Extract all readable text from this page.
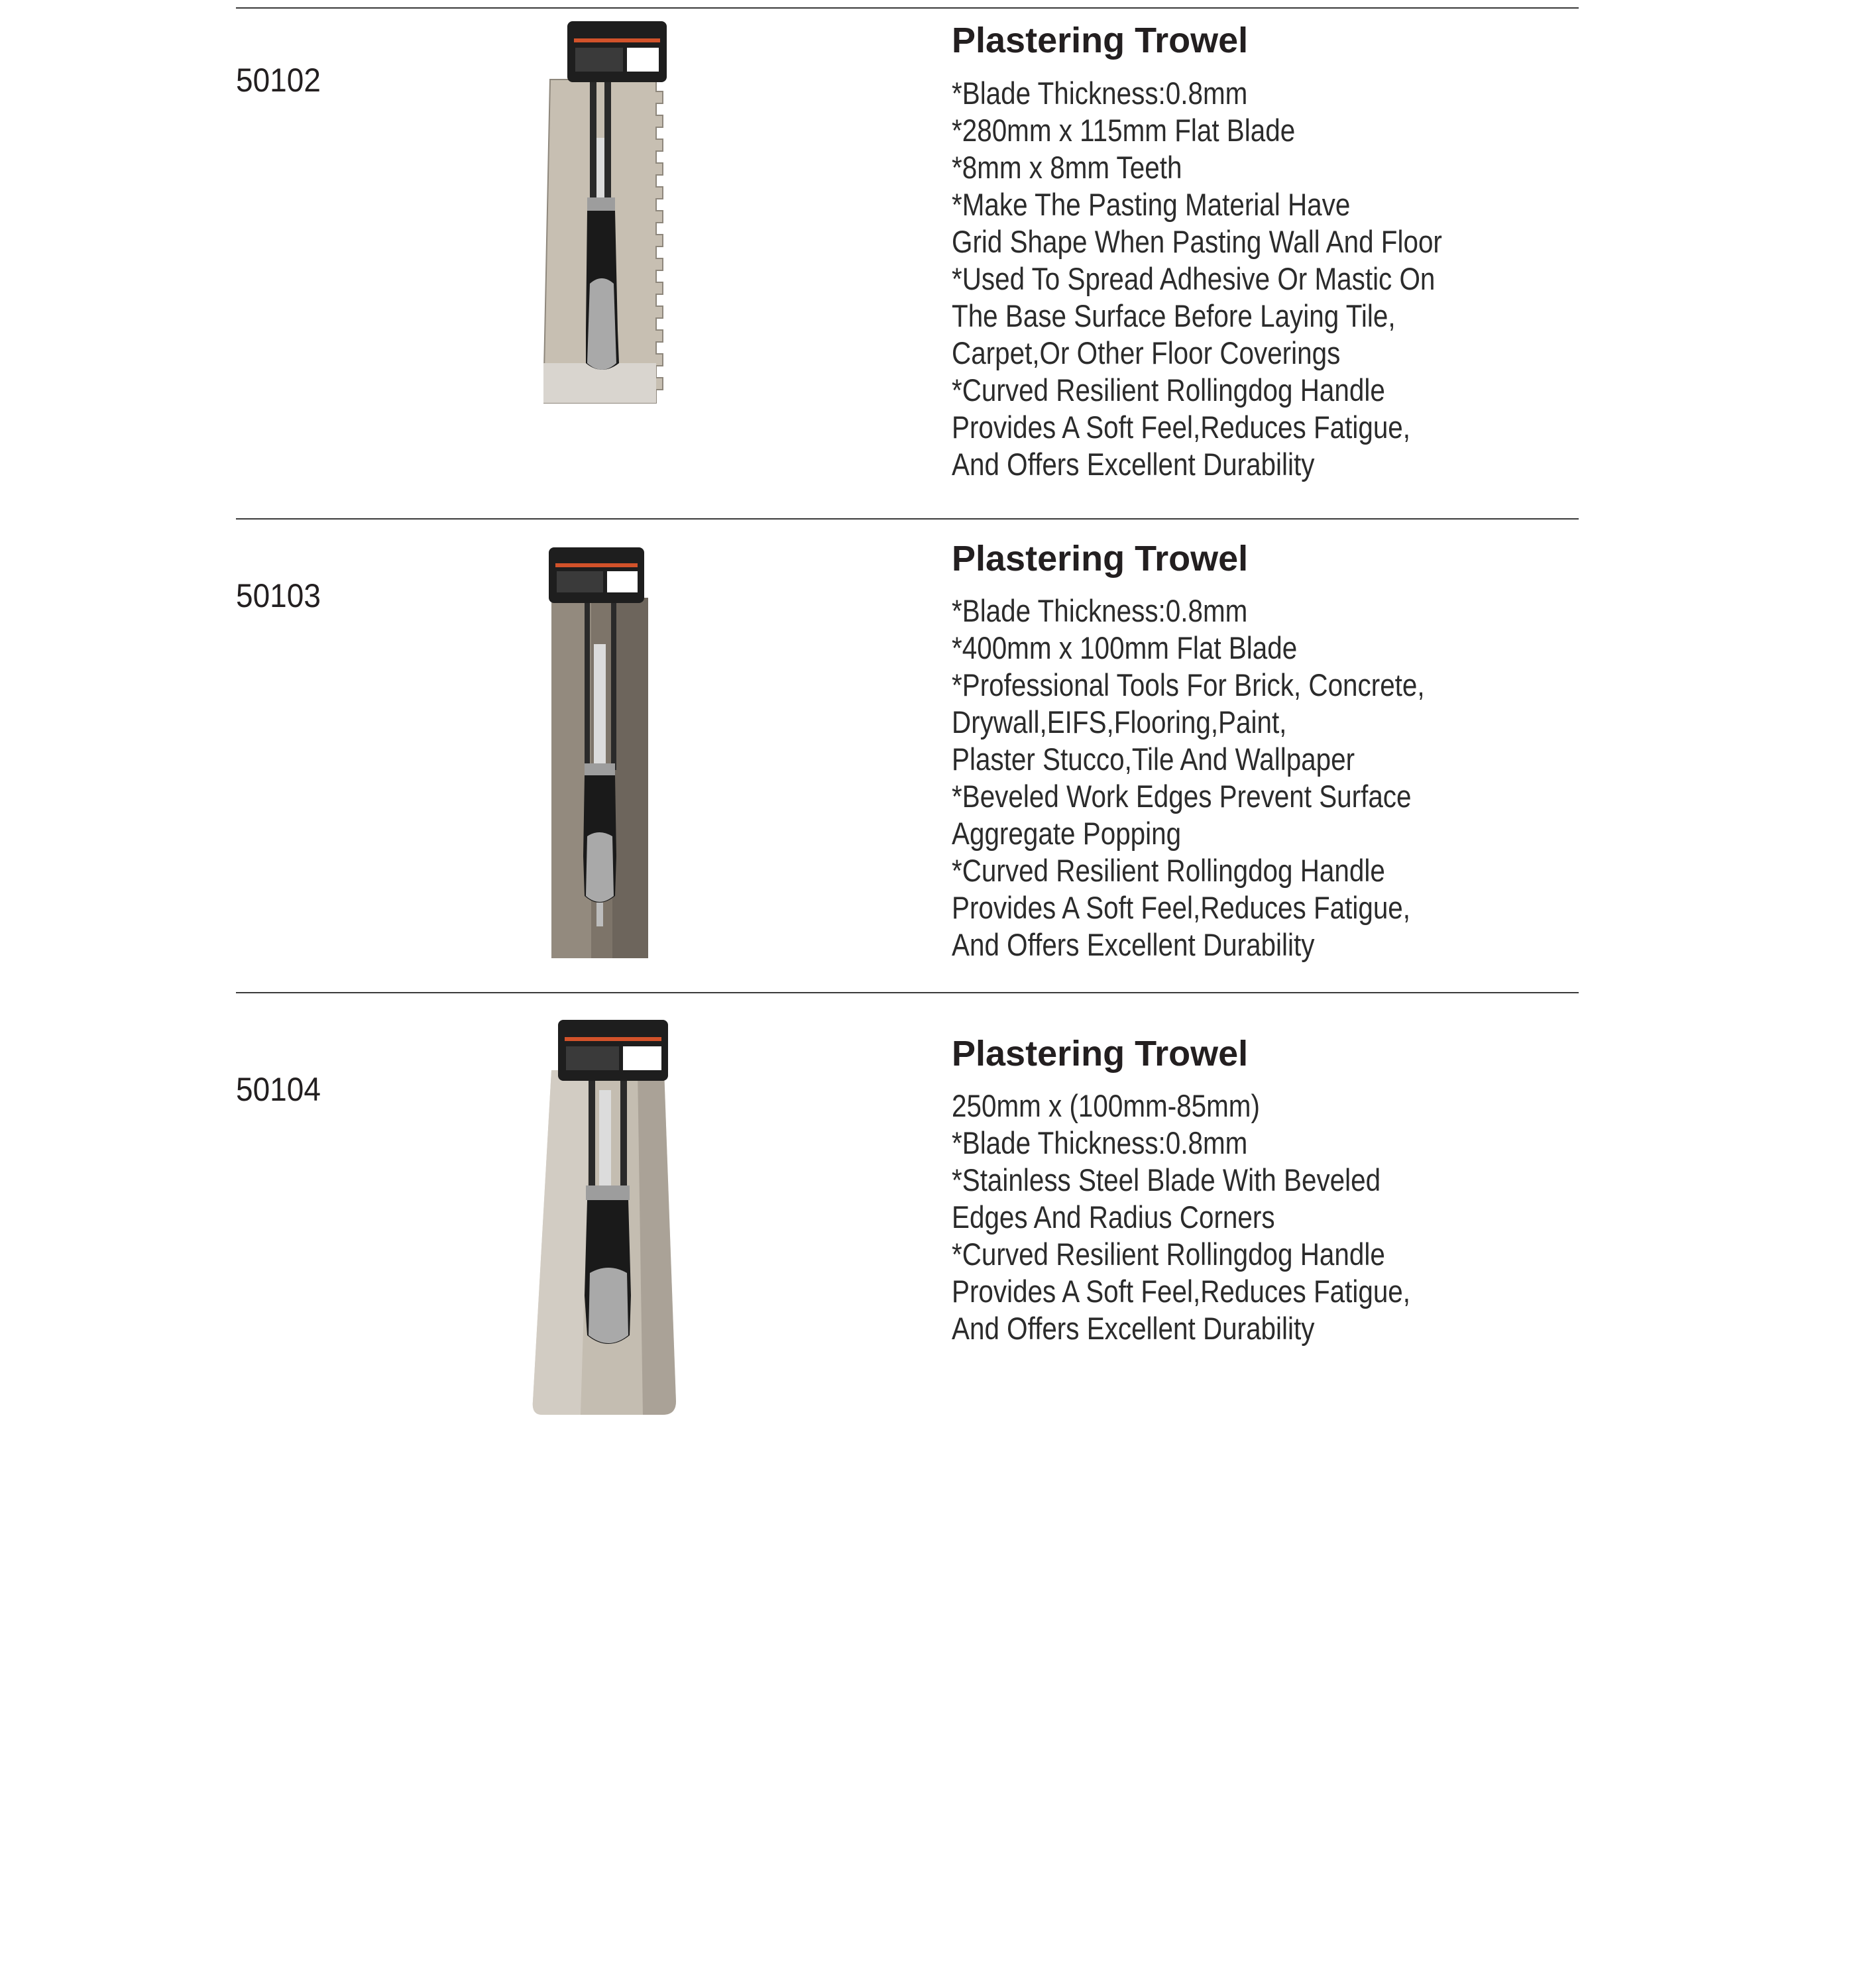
50102
Plastering Trowel
*Blade Thickness:0.8mm
*280mm x 115mm Flat Blade
*8mm x 8mm Teeth
*Make The Pasting Material Have
Grid Shape When Pasting Wall And Floor
*Used To Spread Adhesive Or Mastic On
The Base Surface Before Laying Tile,
Carpet,Or Other Floor Coverings
*Curved Resilient Rollingdog Handle
Provides A Soft Feel,Reduces Fatigue,
And Offers Excellent Durability
50103
Plastering Trowel
*Blade Thickness:0.8mm
*400mm x 100mm Flat Blade
*Professional Tools For Brick, Concrete,
Drywall,EIFS,Flooring,Paint,
Plaster Stucco,Tile And Wallpaper
*Beveled Work Edges Prevent Surface
Aggregate Popping
*Curved Resilient Rollingdog Handle
Provides A Soft Feel,Reduces Fatigue,
And Offers Excellent Durability
50104
Plastering Trowel
250mm x (100mm-85mm)
*Blade Thickness:0.8mm
*Stainless Steel Blade With Beveled
Edges And Radius Corners
*Curved Resilient Rollingdog Handle
Provides A Soft Feel,Reduces Fatigue,
And Offers Excellent Durability
